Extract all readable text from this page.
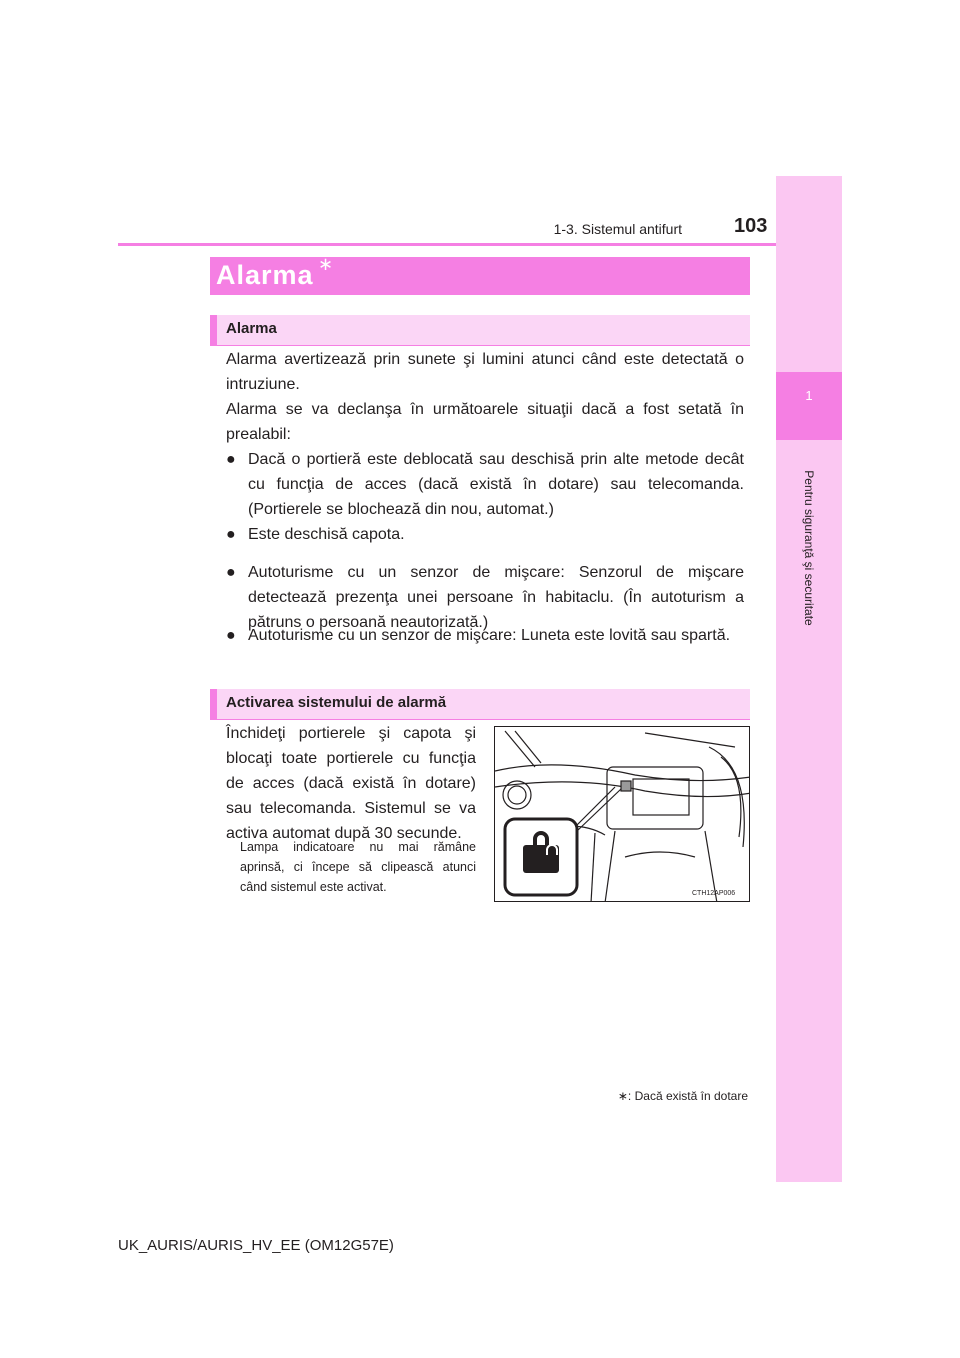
1
Pentru siguranţă şi securitate
1-3. Sistemul antifurt	103
Alarma ∗
Alarma
Alarma avertizează prin sunete şi lumini atunci când este detectată o intruziune.
Alarma se va declanşa în următoarele situaţii dacă a fost setată în prealabil:
● Dacă o portieră este deblocată sau deschisă prin alte metode decât cu funcţia de acces (dacă există în dotare) sau telecomanda. (Portierele se blochează din nou, automat.)
● Este deschisă capota.
● Autoturisme cu un senzor de mişcare: Senzorul de mişcare detectează prezenţa unei persoane în habitaclu. (În autoturism a pătruns o persoană neautorizată.)
● Autoturisme cu un senzor de mişcare: Luneta este lovită sau spartă.
Activarea sistemului de alarmă
Închideţi portierele şi capota şi blocaţi toate portierele cu funcţia de acces (dacă există în dotare) sau telecomanda. Sistemul se va activa automat după 30 secunde.
Lampa indicatoare nu mai rămâne aprinsă, ci începe să clipească atunci când sistemul este activat.	CTH12AP006
∗: Dacă există în dotare
UK_AURIS/AURIS_HV_EE (OM12G57E)
